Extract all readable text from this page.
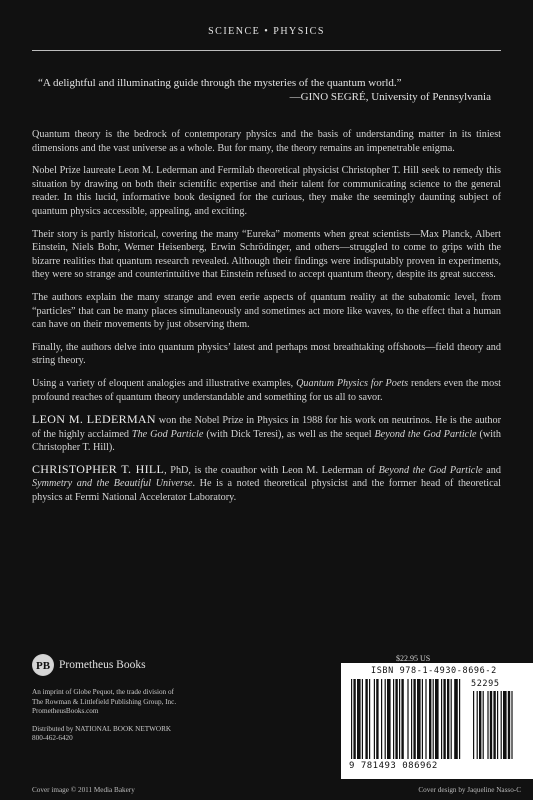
SCIENCE • PHYSICS
“A delightful and illuminating guide through the mysteries of the quantum world.”
—GINO SEGRÉ, University of Pennsylvania

Quantum theory is the bedrock of contemporary physics and the basis of understanding matter in its tiniest dimensions and the vast universe as a whole. But for many, the theory remains an impenetrable enigma.

Nobel Prize laureate Leon M. Lederman and Fermilab theoretical physicist Christopher T. Hill seek to remedy this situation by drawing on both their scientific expertise and their talent for communicating science to the general reader. In this lucid, informative book designed for the curious, they make the seemingly daunting subject of quantum physics accessible, appealing, and exciting.

Their story is partly historical, covering the many “Eureka” moments when great scientists—Max Planck, Albert Einstein, Niels Bohr, Werner Heisenberg, Erwin Schrödinger, and others—struggled to come to grips with the bizarre realities that quantum research revealed. Although their findings were indisputably proven in experiments, they were so strange and counterintuitive that Einstein refused to accept quantum theory, despite its great success.

The authors explain the many strange and even eerie aspects of quantum reality at the subatomic level, from “particles” that can be many places simultaneously and sometimes act more like waves, to the effect that a human can have on their movements by just observing them.

Finally, the authors delve into quantum physics’ latest and perhaps most breathtaking offshoots—field theory and string theory.

Using a variety of eloquent analogies and illustrative examples, Quantum Physics for Poets renders even the most profound reaches of quantum theory understandable and something for us all to savor.

LEON M. LEDERMAN won the Nobel Prize in Physics in 1988 for his work on neutrinos. He is the author of the highly acclaimed The God Particle (with Dick Teresi), as well as the sequel Beyond the God Particle (with Christopher T. Hill).

CHRISTOPHER T. HILL, PhD, is the coauthor with Leon M. Lederman of Beyond the God Particle and Symmetry and the Beautiful Universe. He is a noted theoretical physicist and the former head of theoretical physics at Fermi National Accelerator Laboratory.

PB Prometheus Books
An imprint of Globe Pequot, the trade division of
The Rowman & Littlefield Publishing Group, Inc.
PrometheusBooks.com
Distributed by NATIONAL BOOK NETWORK
800-462-6420
$22.95 US
ISBN 978-1-4930-8696-2
52295
9 781493 086962
Cover image © 2011 Media Bakery	Cover design by Jaqueline Nasso-C
